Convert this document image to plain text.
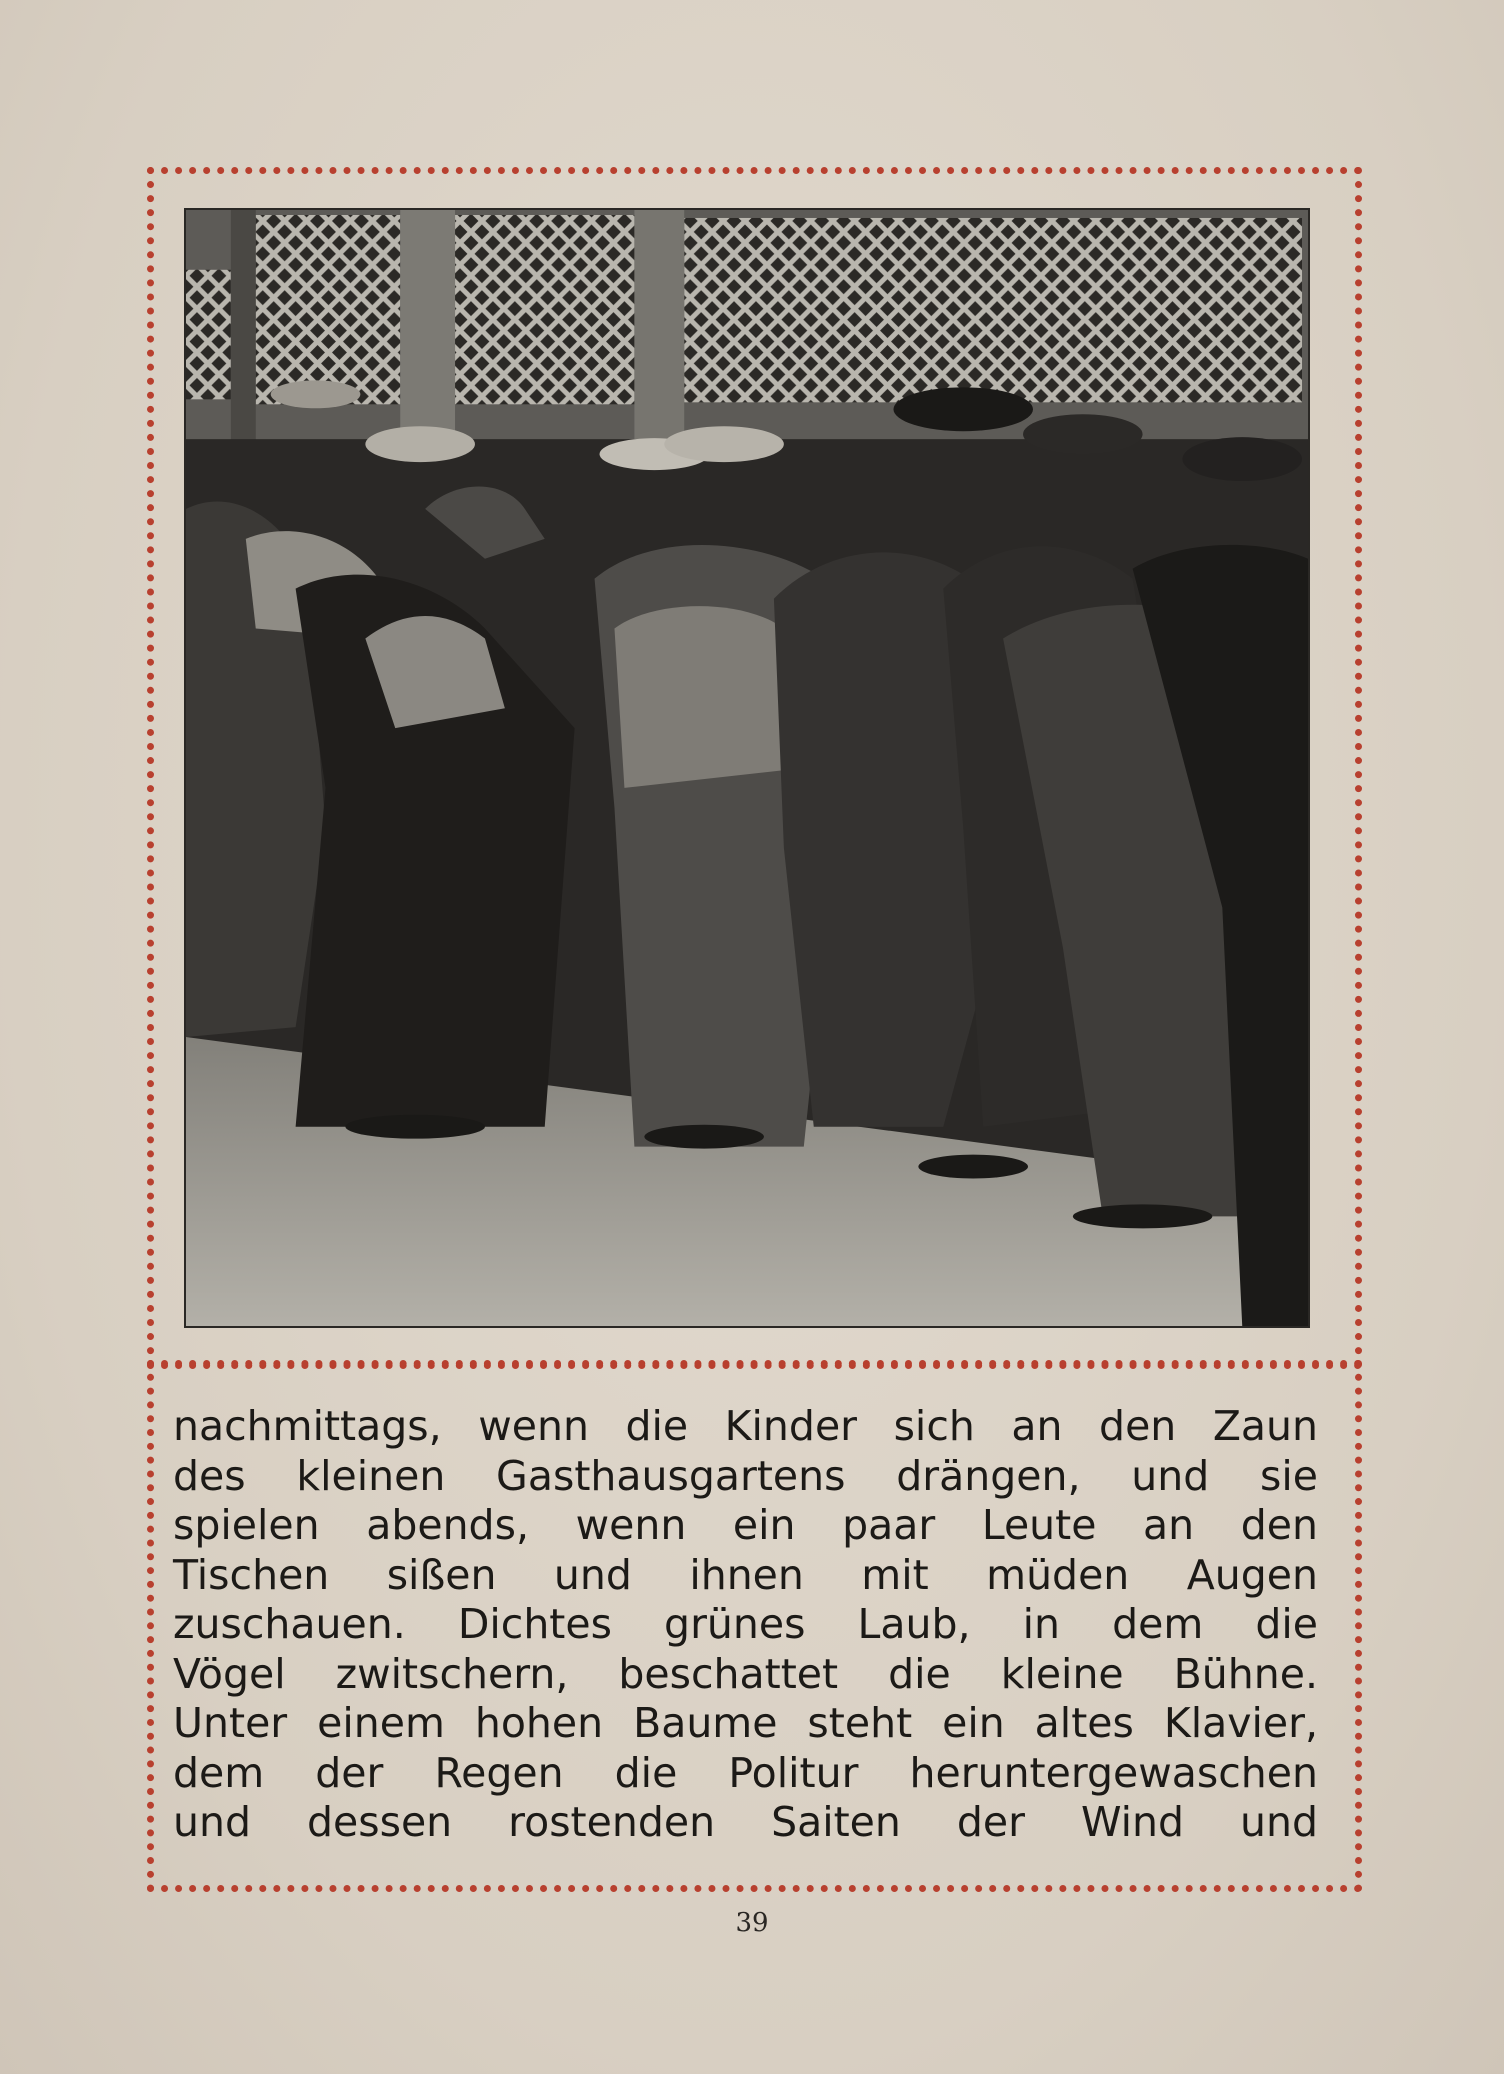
nachmittags, wenn die Kinder sich an den Zaun
des kleinen Gasthausgartens drängen, und sie
spielen abends, wenn ein paar Leute an den
Tischen sißen und ihnen mit müden Augen
zuschauen. Dichtes grünes Laub, in dem die
Vögel zwitschern, beschattet die kleine Bühne.
Unter einem hohen Baume steht ein altes Klavier,
dem der Regen die Politur heruntergewaschen
und dessen rostenden Saiten der Wind und
39
